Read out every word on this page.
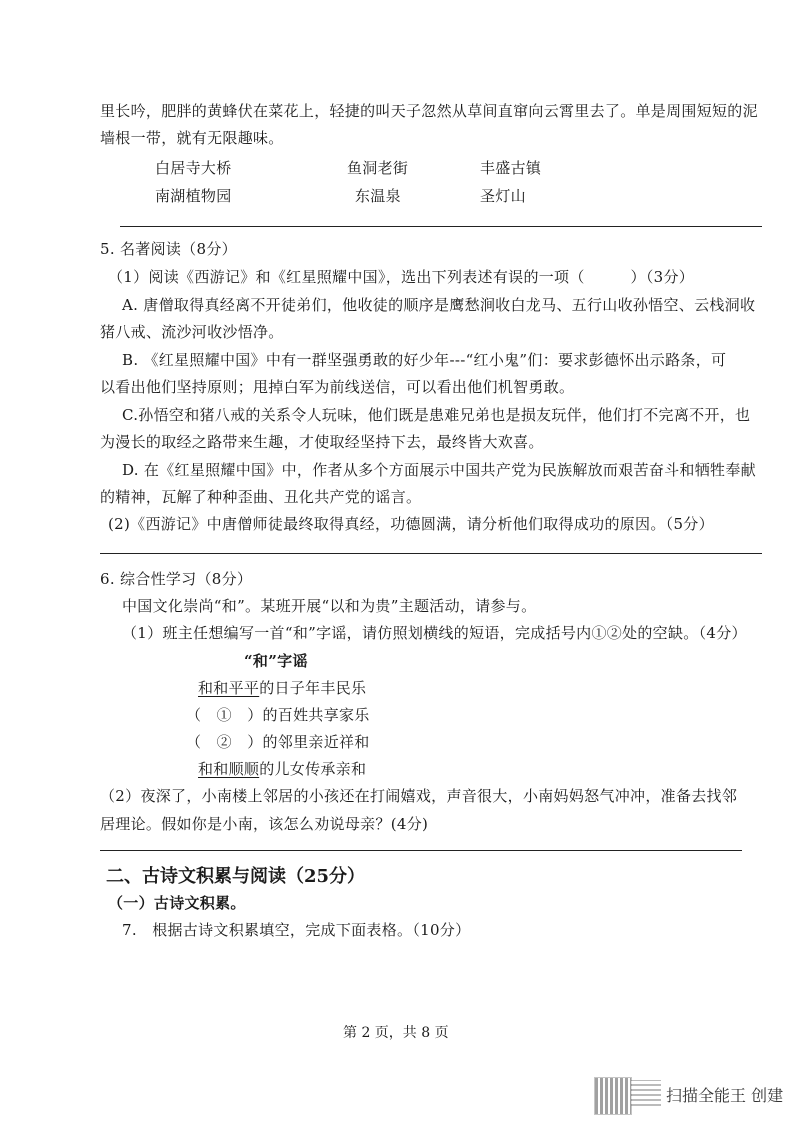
里长吟，肥胖的黄蜂伏在菜花上，轻捷的叫天子忽然从草间直窜向云霄里去了。单是周围短短的泥
墙根一带，就有无限趣味。
白居寺大桥	鱼洞老街	丰盛古镇
南湖植物园	东温泉	圣灯山
5. 名著阅读（8分）
（1）阅读《西游记》和《红星照耀中国》，选出下列表述有误的一项（　　　）（3分）
A. 唐僧取得真经离不开徒弟们，他收徒的顺序是鹰愁涧收白龙马、五行山收孙悟空、云栈洞收
猪八戒、流沙河收沙悟净。
B. 《红星照耀中国》中有一群坚强勇敢的好少年---“红小鬼”们：要求彭德怀出示路条，可
以看出他们坚持原则；甩掉白军为前线送信，可以看出他们机智勇敢。
C.孙悟空和猪八戒的关系令人玩味，他们既是患难兄弟也是损友玩伴，他们打不完离不开，也
为漫长的取经之路带来生趣，才使取经坚持下去，最终皆大欢喜。
D. 在《红星照耀中国》中，作者从多个方面展示中国共产党为民族解放而艰苦奋斗和牺牲奉献
的精神，瓦解了种种歪曲、丑化共产党的谣言。
(2)《西游记》中唐僧师徒最终取得真经，功德圆满，请分析他们取得成功的原因。（5分）
6. 综合性学习（8分）
中国文化崇尚“和”。某班开展“以和为贵”主题活动，请参与。
（1）班主任想编写一首“和”字谣，请仿照划横线的短语，完成括号内①②处的空缺。（4分）
“和”字谣
和和平平的日子年丰民乐
（　①　）的百姓共享家乐
（　②　）的邻里亲近祥和
和和顺顺的儿女传承亲和
（2）夜深了，小南楼上邻居的小孩还在打闹嬉戏，声音很大，小南妈妈怒气冲冲，准备去找邻
居理论。假如你是小南，该怎么劝说母亲？(4分)
二、古诗文积累与阅读（25分）
（一）古诗文积累。
7.　根据古诗文积累填空，完成下面表格。（10分）
第 2 页，共 8 页
扫描全能王 创建
